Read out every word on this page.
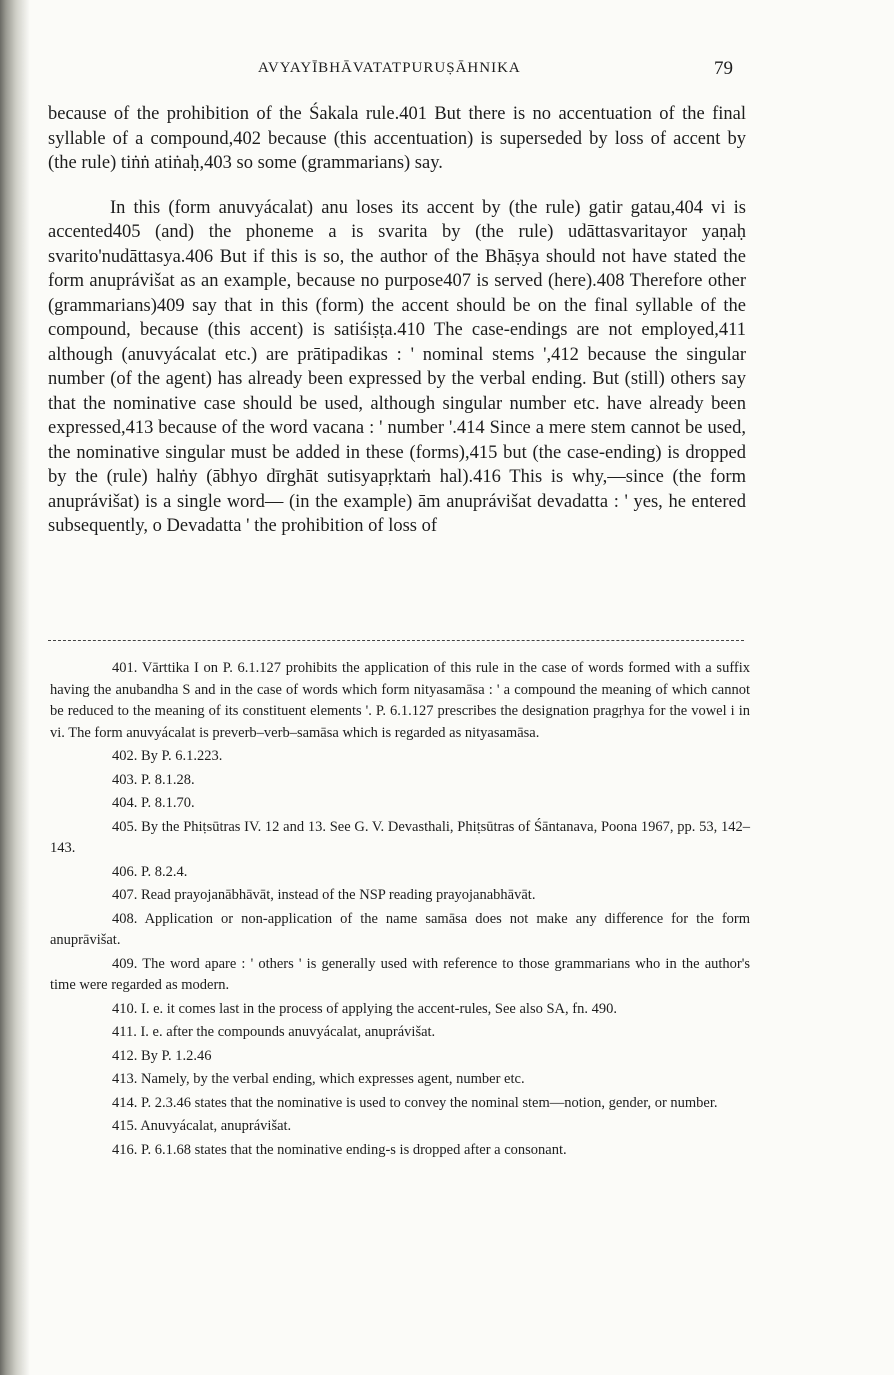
AVYAYĪBHĀVATATPURUṢĀHNIKA	79

because of the prohibition of the Śakala rule.401 But there is no accentuation of the final syllable of a compound,402 because (this accentuation) is superseded by loss of accent by (the rule) tiṅṅ atiṅaḥ,403 so some (grammarians) say.

In this (form anuvyácalat) anu loses its accent by (the rule) gatir gatau,404 vi is accented405 (and) the phoneme a is svarita by (the rule) udāttasvaritayor yaṇaḥ svarito'nudāttasya.406 But if this is so, the author of the Bhāṣya should not have stated the form anuprávišat as an example, because no purpose407 is served (here).408 Therefore other (grammarians)409 say that in this (form) the accent should be on the final syllable of the compound, because (this accent) is satiśiṣṭa.410 The case-endings are not employed,411 although (anuvyácalat etc.) are prātipadikas : ' nominal stems ',412 because the singular number (of the agent) has already been expressed by the verbal ending. But (still) others say that the nominative case should be used, although singular number etc. have already been expressed,413 because of the word vacana : ' number '.414 Since a mere stem cannot be used, the nominative singular must be added in these (forms),415 but (the case-ending) is dropped by the (rule) halṅy (ābhyo dīrghāt sutisyapṛktaṁ hal).416 This is why,—since (the form anuprávišat) is a single word— (in the example) ām anuprávišat devadatta : ' yes, he entered subsequently, o Devadatta ' the prohibition of loss of

401. Vārttika I on P. 6.1.127 prohibits the application of this rule in the case of words formed with a suffix having the anubandha S and in the case of words which form nityasamāsa : ' a compound the meaning of which cannot be reduced to the meaning of its constituent elements '. P. 6.1.127 prescribes the designation pragṛhya for the vowel i in vi. The form anuvyácalat is preverb–verb–samāsa which is regarded as nityasamāsa.
402. By P. 6.1.223.
403. P. 8.1.28.
404. P. 8.1.70.
405. By the Phiṭsūtras IV. 12 and 13. See G. V. Devasthali, Phiṭsūtras of Śāntanava, Poona 1967, pp. 53, 142–143.
406. P. 8.2.4.
407. Read prayojanābhāvāt, instead of the NSP reading prayojanabhāvāt.
408. Application or non-application of the name samāsa does not make any difference for the form anuprāvišat.
409. The word apare : ' others ' is generally used with reference to those grammarians who in the author's time were regarded as modern.
410. I. e. it comes last in the process of applying the accent-rules, See also SA, fn. 490.
411. I. e. after the compounds anuvyácalat, anuprávišat.
412. By P. 1.2.46
413. Namely, by the verbal ending, which expresses agent, number etc.
414. P. 2.3.46 states that the nominative is used to convey the nominal stem—notion, gender, or number.
415. Anuvyácalat, anuprávišat.
416. P. 6.1.68 states that the nominative ending-s is dropped after a consonant.
